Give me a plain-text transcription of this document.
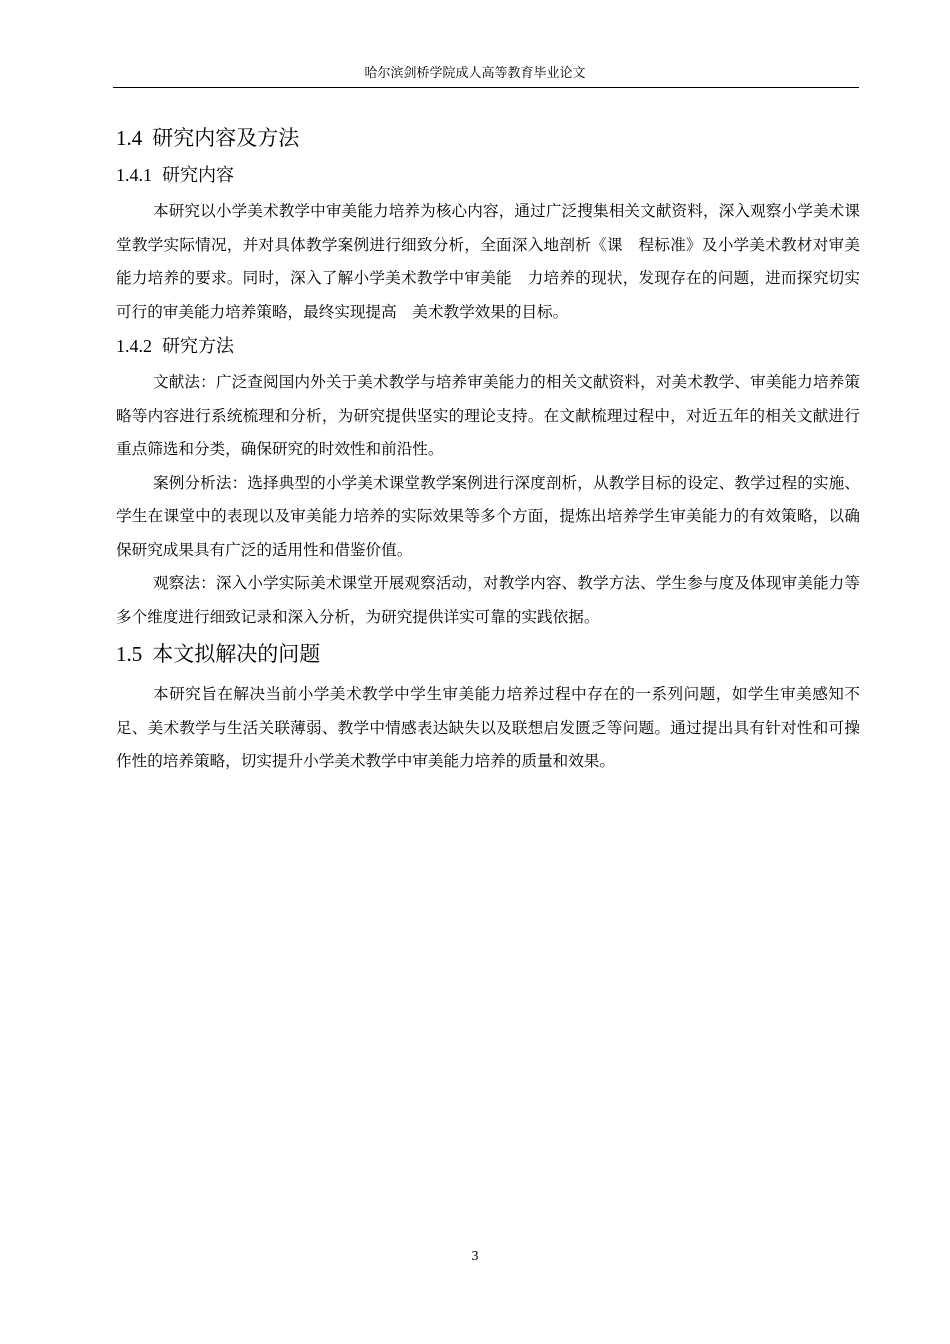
哈尔滨剑桥学院成人高等教育毕业论文
1.4 研究内容及方法
1.4.1 研究内容

本研究以小学美术教学中审美能力培养为核心内容，通过广泛搜集相关文献资料，深入观察小学美术课堂教学实际情况，并对具体教学案例进行细致分析，全面深入地剖析《课　程标准》及小学美术教材对审美能力培养的要求。同时，深入了解小学美术教学中审美能　力培养的现状，发现存在的问题，进而探究切实可行的审美能力培养策略，最终实现提高　美术教学效果的目标。

1.4.2 研究方法

文献法：广泛查阅国内外关于美术教学与培养审美能力的相关文献资料，对美术教学、审美能力培养策略等内容进行系统梳理和分析，为研究提供坚实的理论支持。在文献梳理过程中，对近五年的相关文献进行重点筛选和分类，确保研究的时效性和前沿性。

案例分析法：选择典型的小学美术课堂教学案例进行深度剖析，从教学目标的设定、教学过程的实施、学生在课堂中的表现以及审美能力培养的实际效果等多个方面，提炼出培养学生审美能力的有效策略，以确保研究成果具有广泛的适用性和借鉴价值。

观察法：深入小学实际美术课堂开展观察活动，对教学内容、教学方法、学生参与度及体现审美能力等多个维度进行细致记录和深入分析，为研究提供详实可靠的实践依据。

1.5 本文拟解决的问题

本研究旨在解决当前小学美术教学中学生审美能力培养过程中存在的一系列问题，如学生审美感知不足、美术教学与生活关联薄弱、教学中情感表达缺失以及联想启发匮乏等问题。通过提出具有针对性和可操作性的培养策略，切实提升小学美术教学中审美能力培养的质量和效果。

3
